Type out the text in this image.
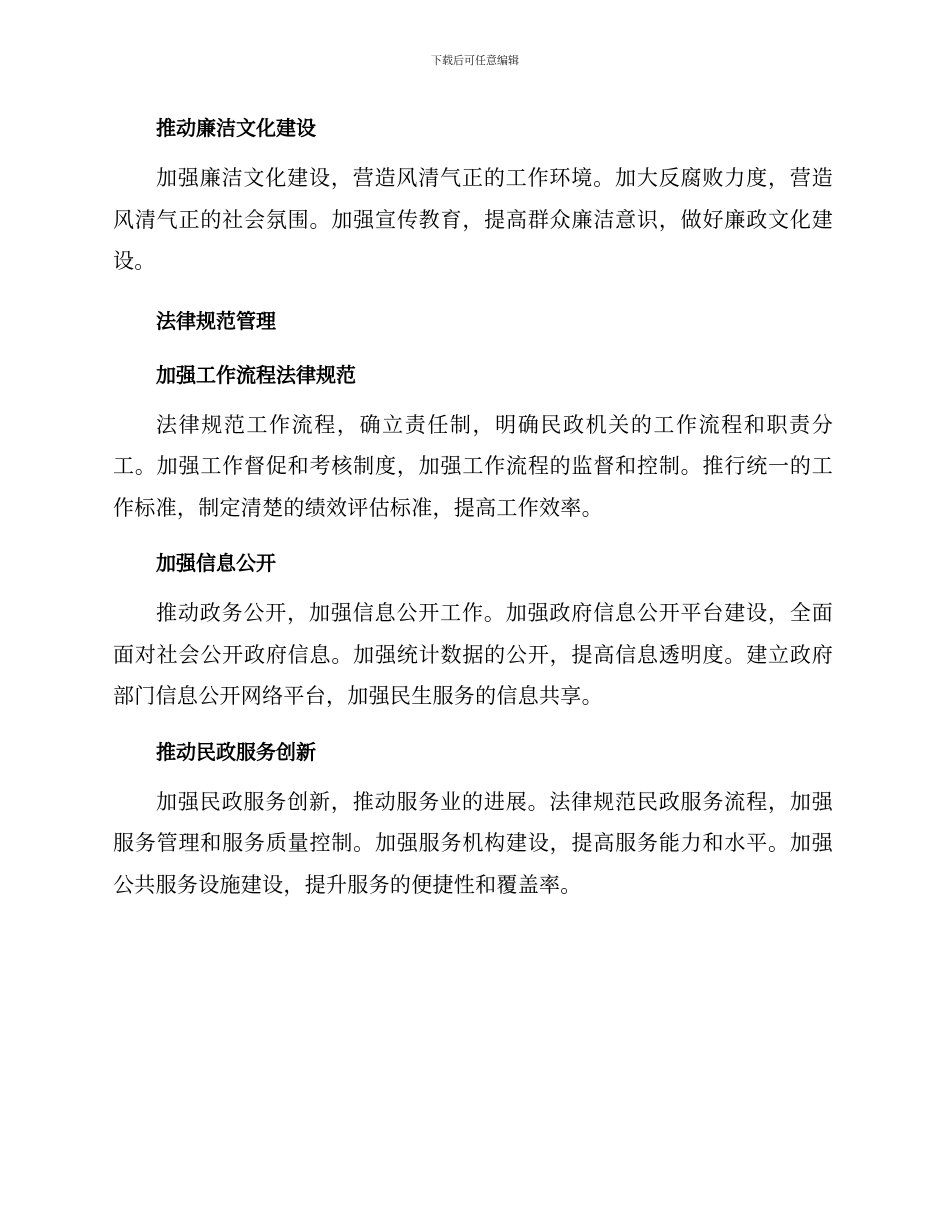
下载后可任意编辑
推动廉洁文化建设

加强廉洁文化建设，营造风清气正的工作环境。加大反腐败力度，营造风清气正的社会氛围。加强宣传教育，提高群众廉洁意识，做好廉政文化建设。

法律规范管理
加强工作流程法律规范

法律规范工作流程，确立责任制，明确民政机关的工作流程和职责分工。加强工作督促和考核制度，加强工作流程的监督和控制。推行统一的工作标准，制定清楚的绩效评估标准，提高工作效率。

加强信息公开

推动政务公开，加强信息公开工作。加强政府信息公开平台建设，全面面对社会公开政府信息。加强统计数据的公开，提高信息透明度。建立政府部门信息公开网络平台，加强民生服务的信息共享。

推动民政服务创新

加强民政服务创新，推动服务业的进展。法律规范民政服务流程，加强服务管理和服务质量控制。加强服务机构建设，提高服务能力和水平。加强公共服务设施建设，提升服务的便捷性和覆盖率。
